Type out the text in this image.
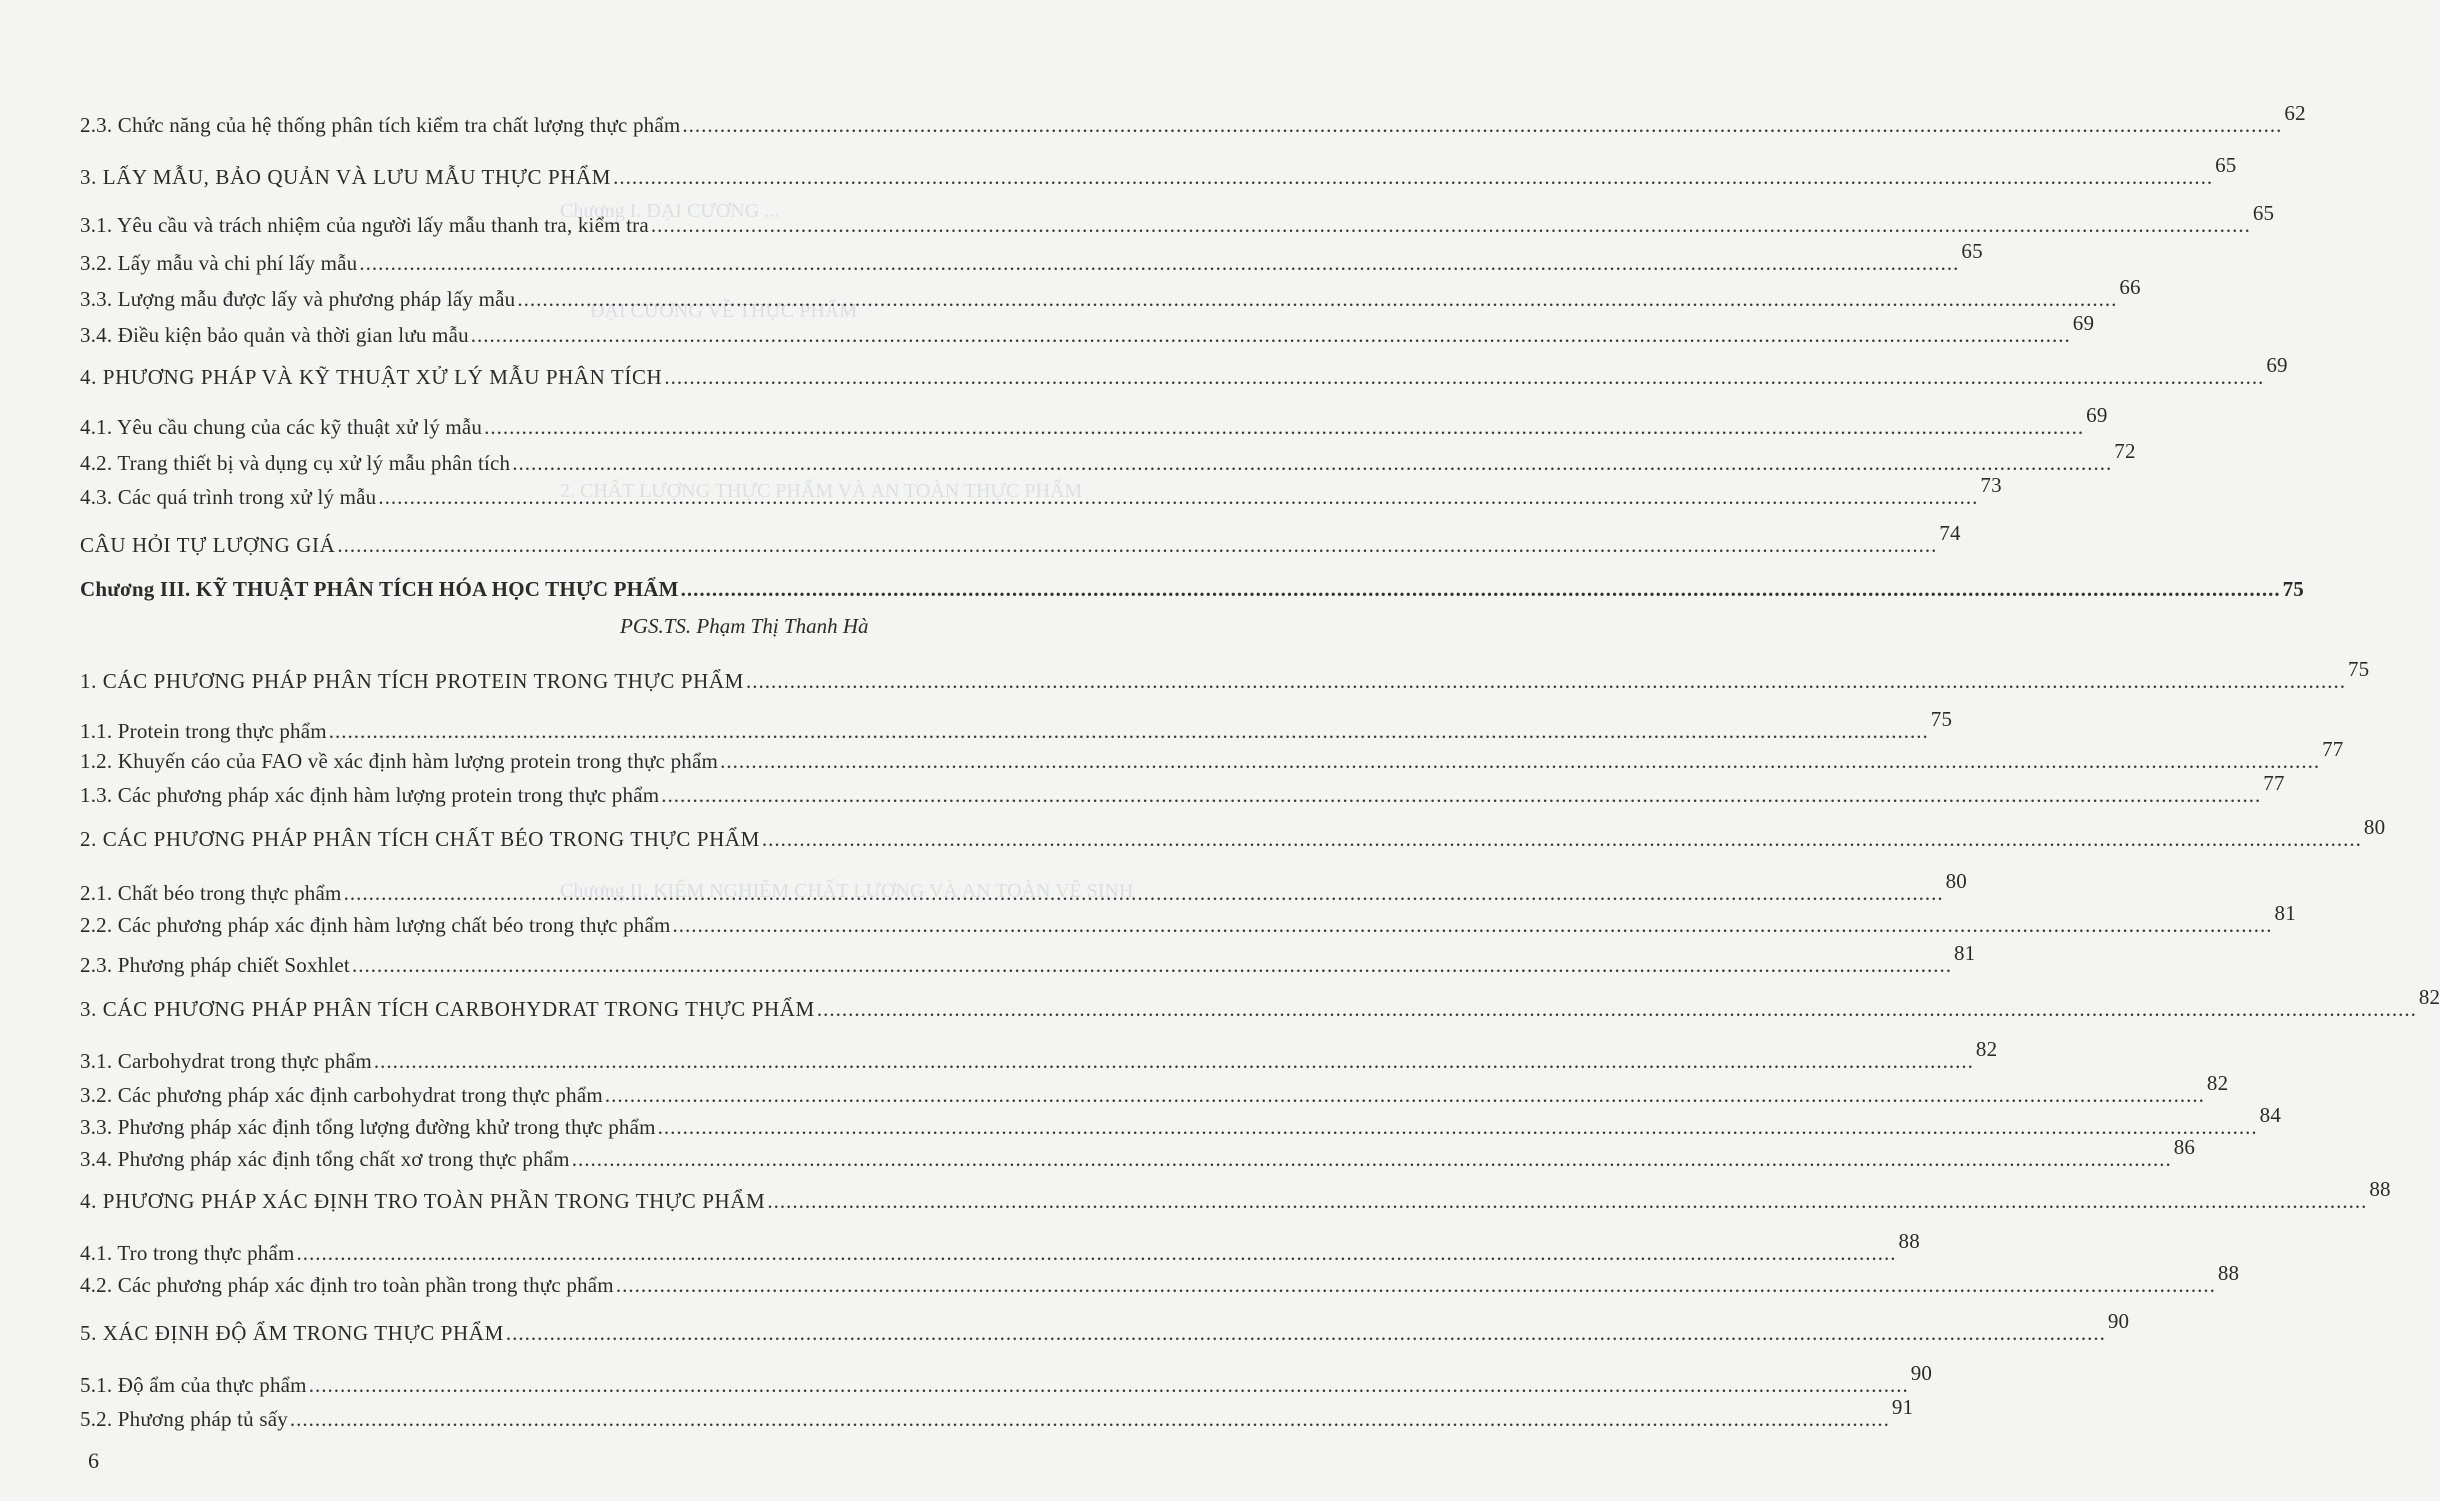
Chương I. ĐẠI CƯƠNG ...
ĐẠI CƯƠNG VỀ THỰC PHẨM
2. CHẤT LƯỢNG THỰC PHẨM VÀ AN TOÀN THỰC PHẨM
Chương II. KIỂM NGHIỆM CHẤT LƯỢNG VÀ AN TOÀN VỆ SINH
2.3. Chức năng của hệ thống phân tích kiểm tra chất lượng thực phẩm .....	62
3. LẤY MẪU, BẢO QUẢN VÀ LƯU MẪU THỰC PHẨM .....	65
3.1. Yêu cầu và trách nhiệm của người lấy mẫu thanh tra, kiểm tra .....	65
3.2. Lấy mẫu và chi phí lấy mẫu .....	65
3.3. Lượng mẫu được lấy và phương pháp lấy mẫu .....	66
3.4. Điều kiện bảo quản và thời gian lưu mẫu .....	69
4. PHƯƠNG PHÁP VÀ KỸ THUẬT XỬ LÝ MẪU PHÂN TÍCH .....	69
4.1. Yêu cầu chung của các kỹ thuật xử lý mẫu .....	69
4.2. Trang thiết bị và dụng cụ xử lý mẫu phân tích .....	72
4.3. Các quá trình trong xử lý mẫu .....	73
CÂU HỎI TỰ LƯỢNG GIÁ .....	74
Chương III. KỸ THUẬT PHÂN TÍCH HÓA HỌC THỰC PHẨM .....	75
1. CÁC PHƯƠNG PHÁP PHÂN TÍCH PROTEIN TRONG THỰC PHẨM .....	75
1.1. Protein trong thực phẩm .....	75
1.2. Khuyến cáo của FAO về xác định hàm lượng protein trong thực phẩm .....	77
1.3. Các phương pháp xác định hàm lượng protein trong thực phẩm .....	77
2. CÁC PHƯƠNG PHÁP PHÂN TÍCH CHẤT BÉO TRONG THỰC PHẨM .....	80
2.1. Chất béo trong thực phẩm .....	80
2.2. Các phương pháp xác định hàm lượng chất béo trong thực phẩm .....	81
2.3. Phương pháp chiết Soxhlet .....	81
3. CÁC PHƯƠNG PHÁP PHÂN TÍCH CARBOHYDRAT TRONG THỰC PHẨM .....	82
3.1. Carbohydrat trong thực phẩm .....	82
3.2. Các phương pháp xác định carbohydrat trong thực phẩm .....	82
3.3. Phương pháp xác định tổng lượng đường khử trong thực phẩm .....	84
3.4. Phương pháp xác định tổng chất xơ trong thực phẩm .....	86
4. PHƯƠNG PHÁP XÁC ĐỊNH TRO TOÀN PHẦN TRONG THỰC PHẨM .....	88
4.1. Tro trong thực phẩm .....	88
4.2. Các phương pháp xác định tro toàn phần trong thực phẩm .....	88
5. XÁC ĐỊNH ĐỘ ẨM TRONG THỰC PHẨM .....	90
5.1. Độ ẩm của thực phẩm .....	90
5.2. Phương pháp tủ sấy .....	91
PGS.TS. Phạm Thị Thanh Hà
6
